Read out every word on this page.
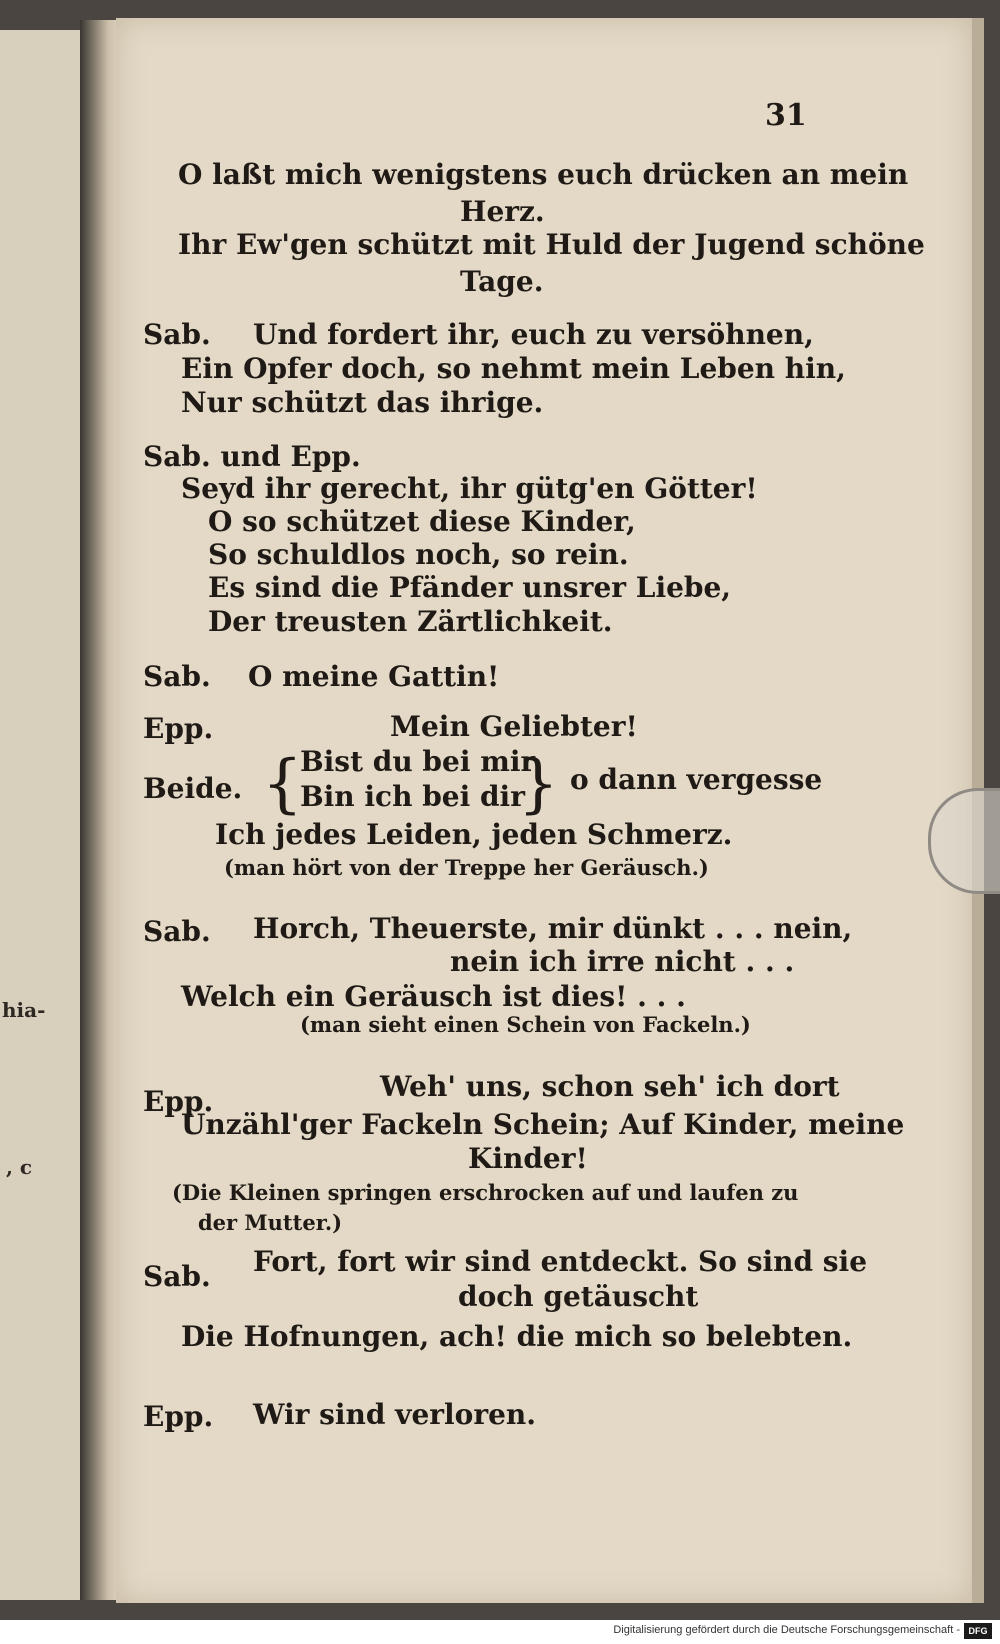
hia-
, c
31
O laßt mich wenigstens euch drücken an mein
Herz.
Ihr Ew'gen schützt mit Huld der Jugend schöne
Tage.
Sab. Und fordert ihr, euch zu versöhnen,
Ein Opfer doch, so nehmt mein Leben hin,
Nur schützt das ihrige.
Sab. und Epp.
Seyd ihr gerecht, ihr gütg'en Götter!
O so schützet diese Kinder,
So schuldlos noch, so rein.
Es sind die Pfänder unsrer Liebe,
Der treusten Zärtlichkeit.
Sab. O meine Gattin!
Epp.	Mein Geliebter!
Beide. {
Bist du bei mir
Bin ich bei dir
} o dann vergesse
Ich jedes Leiden, jeden Schmerz.
(man hört von der Treppe her Geräusch.)
Sab. Horch, Theuerste, mir dünkt . . . nein,
nein ich irre nicht . . .
Welch ein Geräusch ist dies! . . .
(man sieht einen Schein von Fackeln.)
Epp.	Weh' uns, schon seh' ich dort
Unzähl'ger Fackeln Schein; Auf Kinder, meine
Kinder!
(Die Kleinen springen erschrocken auf und laufen zu
der Mutter.)
Sab. Fort, fort wir sind entdeckt. So sind sie
doch getäuscht
Die Hofnungen, ach! die mich so belebten.
Epp. Wir sind verloren.
Digitalisierung gefördert durch die Deutsche Forschungsgemeinschaft - DFG
